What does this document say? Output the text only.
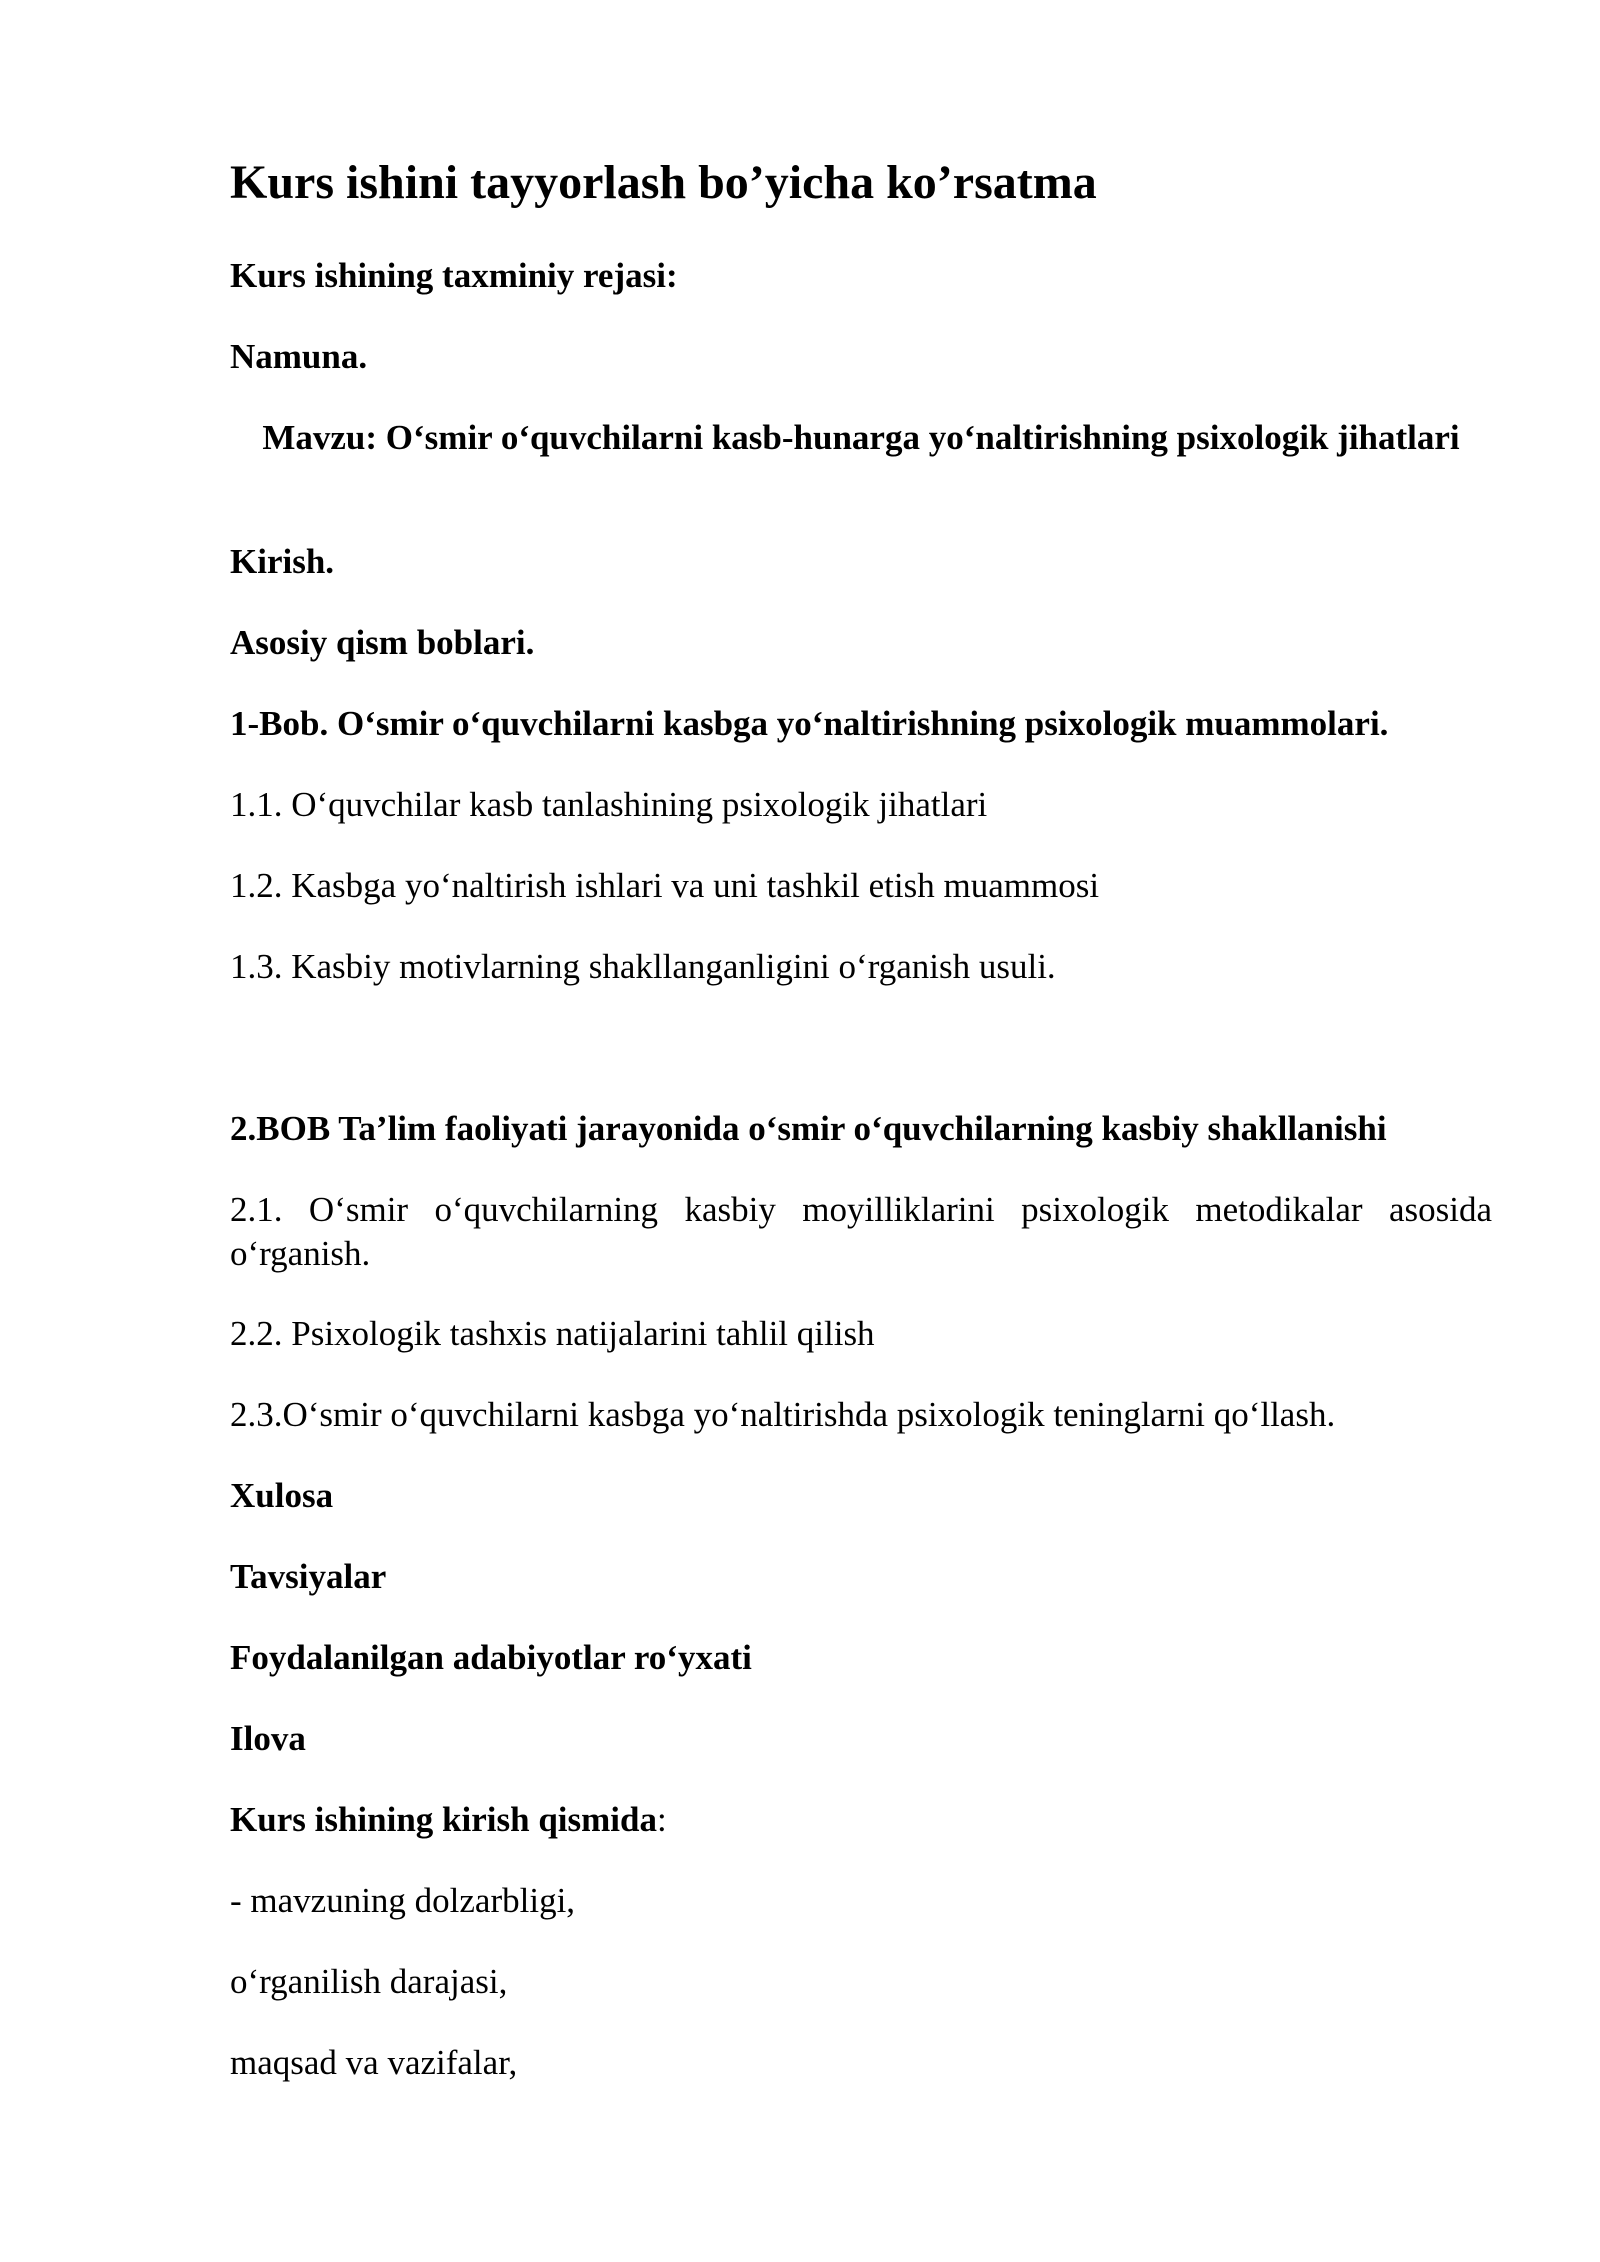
Kurs ishini tayyorlash bo’yicha ko’rsatma

Kurs ishining taxminiy rejasi:

Namuna.

Mavzu: O‘smir o‘quvchilarni kasb-hunarga yo‘naltirishning psixologik jihatlari

Kirish.

Asosiy qism boblari.

1-Bob. O‘smir o‘quvchilarni kasbga yo‘naltirishning psixologik muammolari.

1.1. O‘quvchilar kasb tanlashining psixologik jihatlari

1.2. Kasbga yo‘naltirish ishlari va uni tashkil etish muammosi

1.3. Kasbiy motivlarning shakllanganligini o‘rganish usuli.

2.BOB Ta’lim faoliyati jarayonida o‘smir o‘quvchilarning kasbiy shakllanishi

2.1. O‘smir o‘quvchilarning kasbiy moyilliklarini psixologik metodikalar asosida o‘rganish.

2.2. Psixologik tashxis natijalarini tahlil qilish

2.3.O‘smir o‘quvchilarni kasbga yo‘naltirishda psixologik teninglarni qo‘llash.

Xulosa

Tavsiyalar

Foydalanilgan adabiyotlar ro‘yxati

Ilova

Kurs ishining kirish qismida:

- mavzuning dolzarbligi,

o‘rganilish darajasi,

maqsad va vazifalar,
